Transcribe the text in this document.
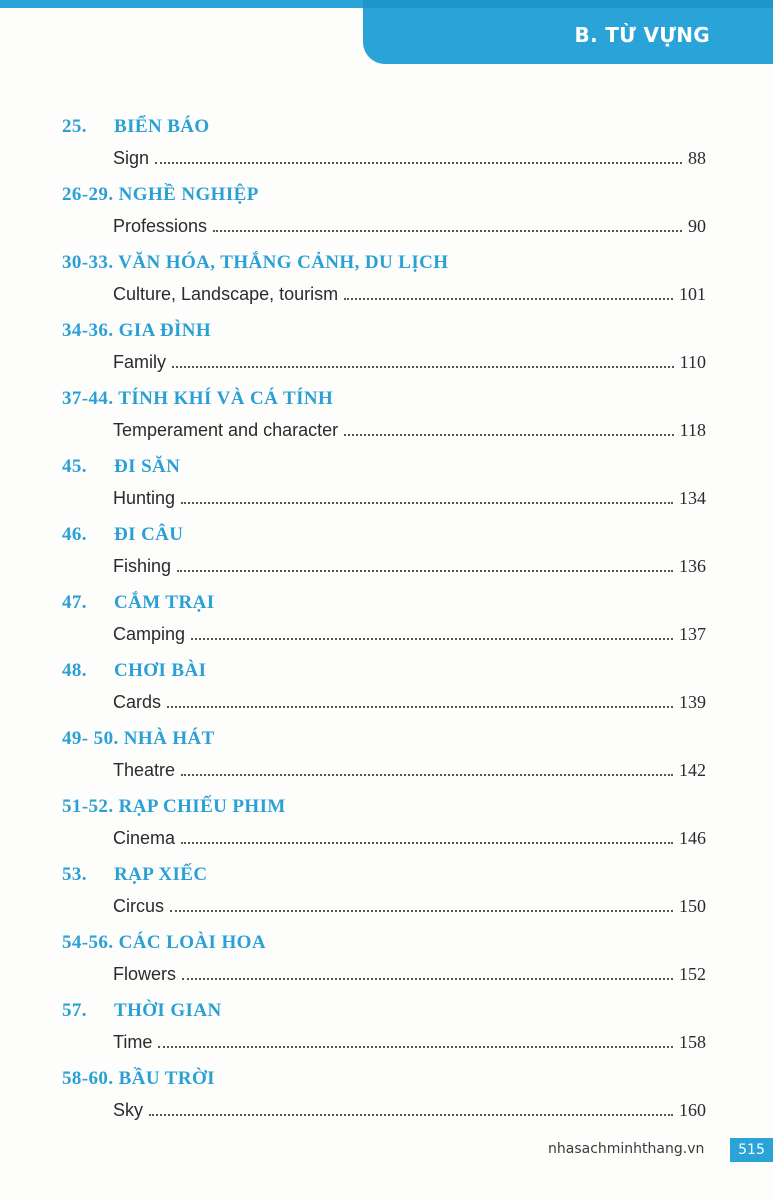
B. TỪ VỰNG
25. BIỂN BÁO
Sign	88
26-29. NGHỀ NGHIỆP
Professions	90
30-33. VĂN HÓA, THẮNG CẢNH, DU LỊCH
Culture, Landscape, tourism	101
34-36. GIA ĐÌNH
Family	110
37-44. TÍNH KHÍ VÀ CÁ TÍNH
Temperament and character	118
45. ĐI SĂN
Hunting	134
46. ĐI CÂU
Fishing	136
47. CẮM TRẠI
Camping	137
48. CHƠI BÀI
Cards	139
49- 50. NHÀ HÁT
Theatre	142
51-52. RẠP CHIẾU PHIM
Cinema	146
53. RẠP XIẾC
Circus	150
54-56. CÁC LOÀI HOA
Flowers	152
57. THỜI GIAN
Time	158
58-60. BẦU TRỜI
Sky	160
nhasachminhthang.vn	515
